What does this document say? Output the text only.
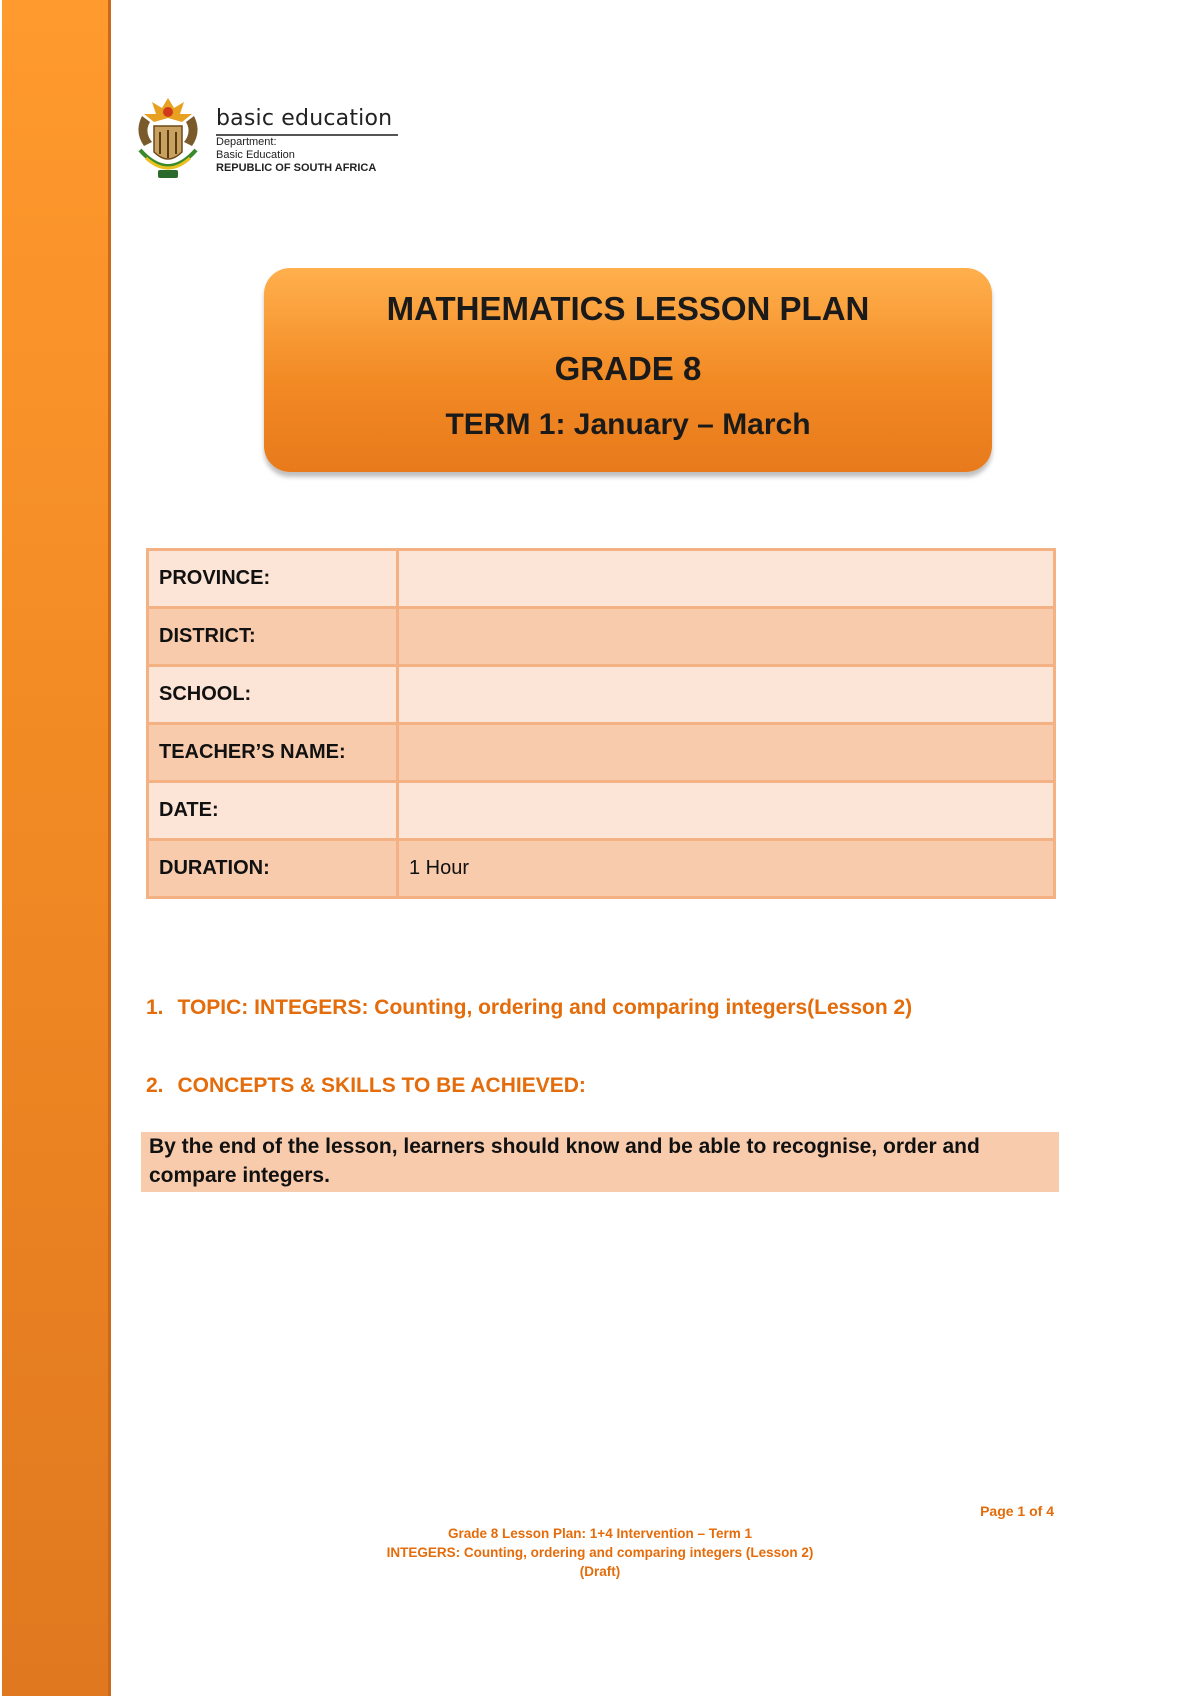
basic education
Department:
Basic Education
REPUBLIC OF SOUTH AFRICA
MATHEMATICS LESSON PLAN
GRADE 8
TERM 1: January – March
PROVINCE:	
DISTRICT:	
SCHOOL:	
TEACHER’S NAME:	
DATE:	
DURATION:	1 Hour
1. TOPIC: INTEGERS: Counting, ordering and comparing integers(Lesson 2)
2. CONCEPTS & SKILLS TO BE ACHIEVED:
By the end of the lesson, learners should know and be able to recognise, order and compare integers.
Page 1 of 4
Grade 8 Lesson Plan: 1+4 Intervention – Term 1
INTEGERS: Counting, ordering and comparing integers (Lesson 2)
(Draft)
